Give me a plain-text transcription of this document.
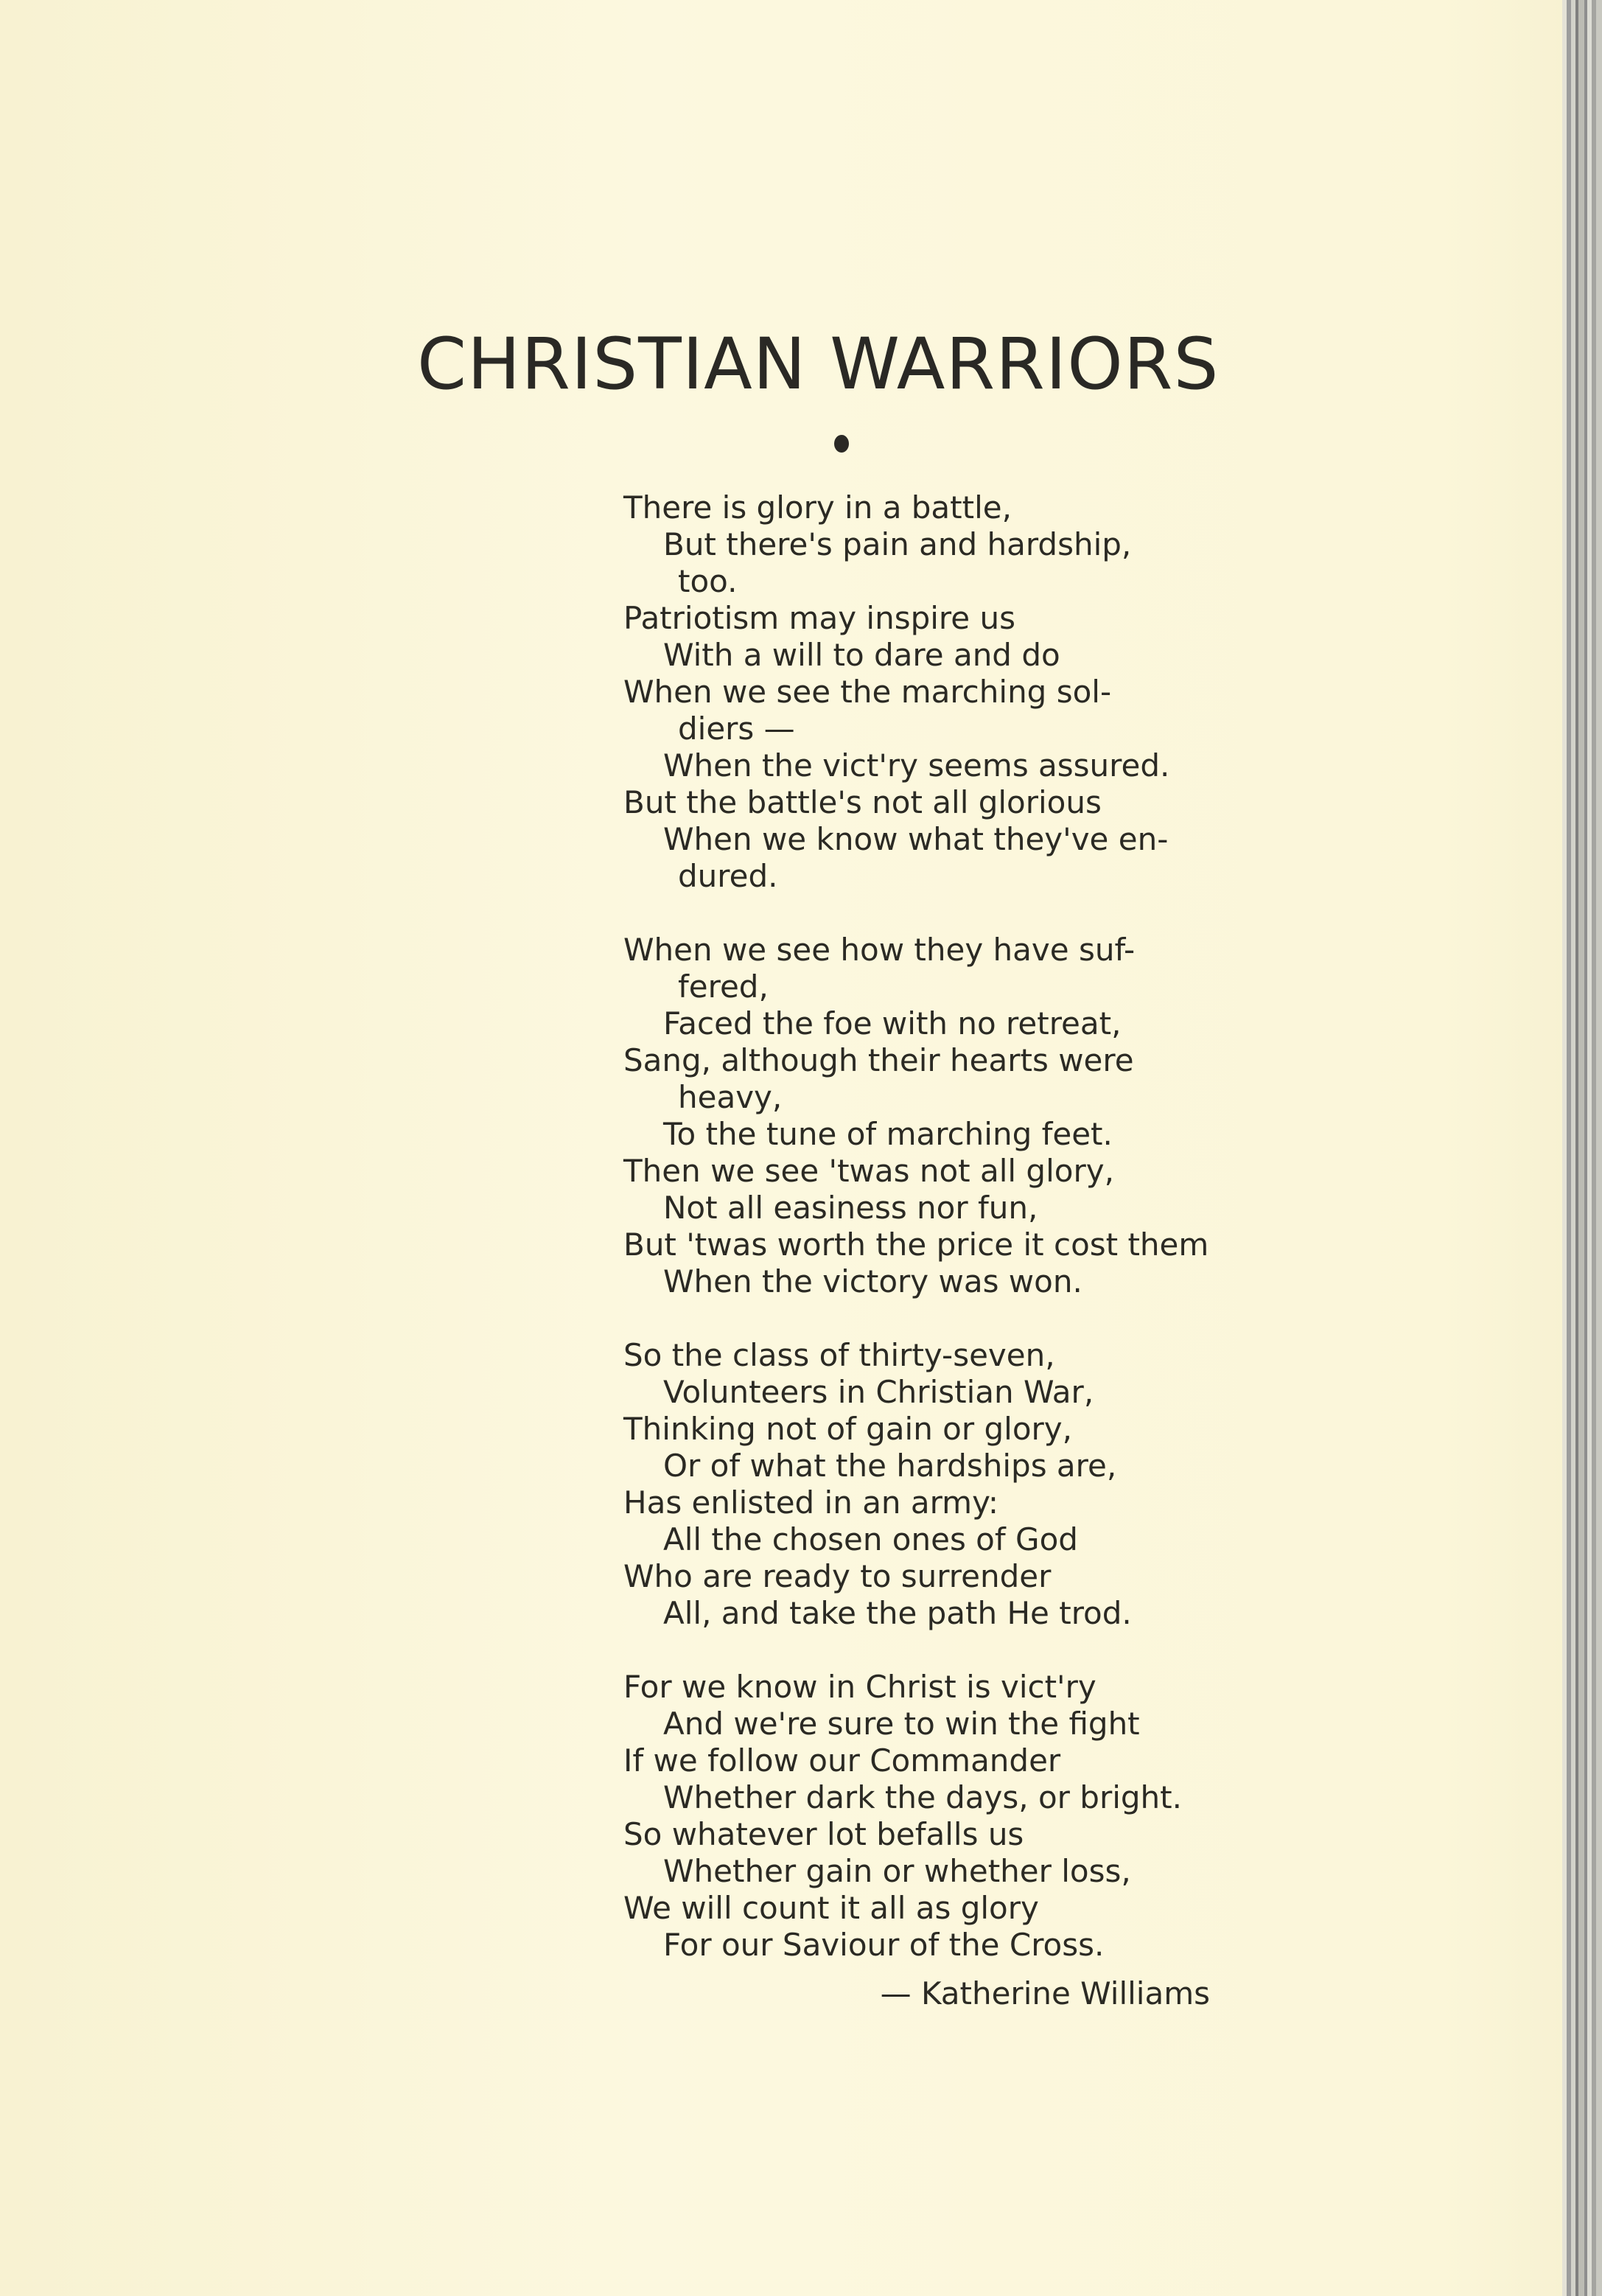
CHRISTIAN WARRIORS
There is glory in a battle,
But there's pain and hardship,
too.
Patriotism may inspire us
With a will to dare and do
When we see the marching sol-
diers —
When the vict'ry seems assured.
But the battle's not all glorious
When we know what they've en-
dured.
When we see how they have suf-
fered,
Faced the foe with no retreat,
Sang, although their hearts were
heavy,
To the tune of marching feet.
Then we see 'twas not all glory,
Not all easiness nor fun,
But 'twas worth the price it cost them
When the victory was won.
So the class of thirty-seven,
Volunteers in Christian War,
Thinking not of gain or glory,
Or of what the hardships are,
Has enlisted in an army:
All the chosen ones of God
Who are ready to surrender
All, and take the path He trod.
For we know in Christ is vict'ry
And we're sure to win the fight
If we follow our Commander
Whether dark the days, or bright.
So whatever lot befalls us
Whether gain or whether loss,
We will count it all as glory
For our Saviour of the Cross.
— Katherine Williams
